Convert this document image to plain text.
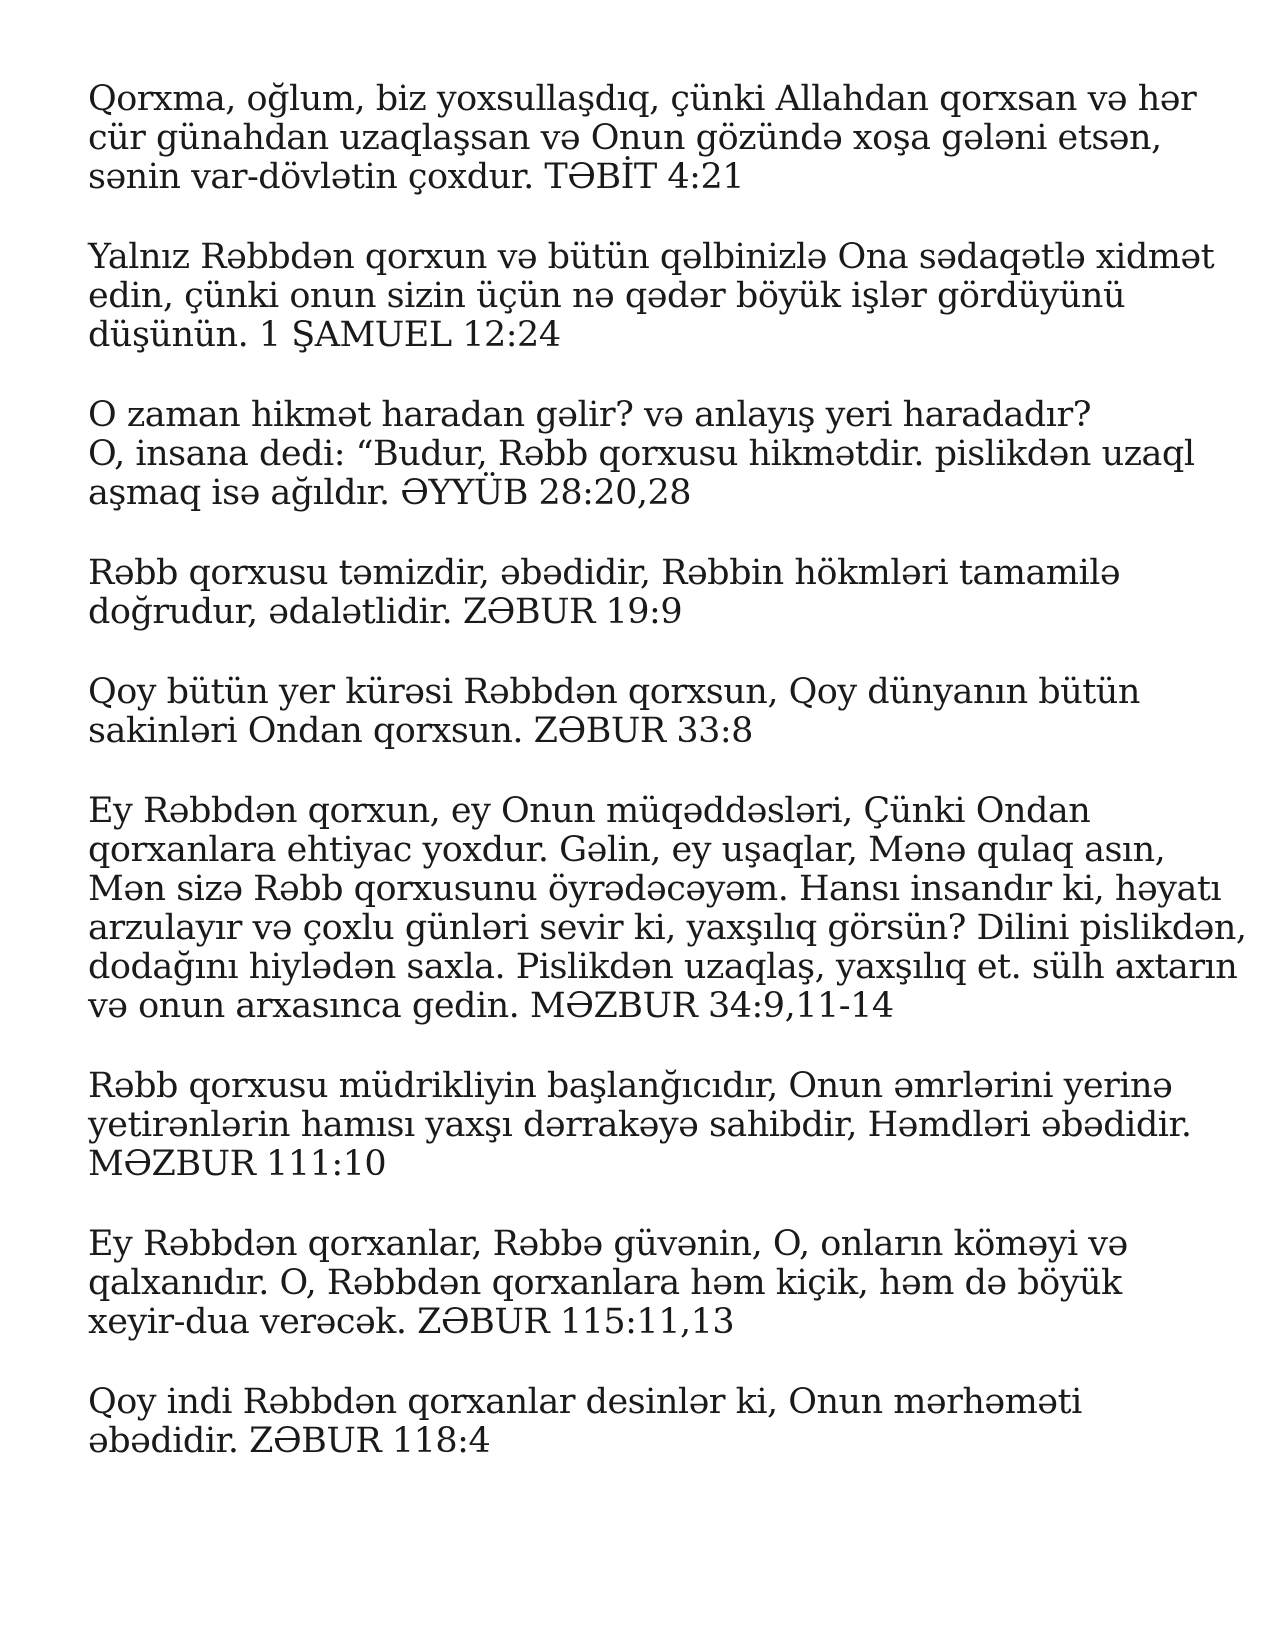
Qorxma, oğlum, biz yoxsullaşdıq, çünki Allahdan qorxsan və hər
cür günahdan uzaqlaşsan və Onun gözündə xoşa gələni etsən,
sənin var-dövlətin çoxdur. TƏBİT 4:21

Yalnız Rəbbdən qorxun və bütün qəlbinizlə Ona sədaqətlə xidmət
edin, çünki onun sizin üçün nə qədər böyük işlər gördüyünü
düşünün. 1 ŞAMUEL 12:24

O zaman hikmət haradan gəlir? və anlayış yeri haradadır?
O, insana dedi: “Budur, Rəbb qorxusu hikmətdir. pislikdən uzaql
aşmaq isə ağıldır. ƏYYÜB 28:20,28

Rəbb qorxusu təmizdir, əbədidir, Rəbbin hökmləri tamamilə
doğrudur, ədalətlidir. ZƏBUR 19:9

Qoy bütün yer kürəsi Rəbbdən qorxsun, Qoy dünyanın bütün
sakinləri Ondan qorxsun. ZƏBUR 33:8

Ey Rəbbdən qorxun, ey Onun müqəddəsləri, Çünki Ondan
qorxanlara ehtiyac yoxdur. Gəlin, ey uşaqlar, Mənə qulaq asın,
Mən sizə Rəbb qorxusunu öyrədəcəyəm. Hansı insandır ki, həyatı
arzulayır və çoxlu günləri sevir ki, yaxşılıq görsün? Dilini pislikdən,
dodağını hiylədən saxla. Pislikdən uzaqlaş, yaxşılıq et. sülh axtarın
və onun arxasınca gedin. MƏZBUR 34:9,11-14

Rəbb qorxusu müdrikliyin başlanğıcıdır, Onun əmrlərini yerinə
yetirənlərin hamısı yaxşı dərrakəyə sahibdir, Həmdləri əbədidir.
MƏZBUR 111:10

Ey Rəbbdən qorxanlar, Rəbbə güvənin, O, onların köməyi və
qalxanıdır. O, Rəbbdən qorxanlara həm kiçik, həm də böyük
xeyir-dua verəcək. ZƏBUR 115:11,13

Qoy indi Rəbbdən qorxanlar desinlər ki, Onun mərhəməti
əbədidir. ZƏBUR 118:4
